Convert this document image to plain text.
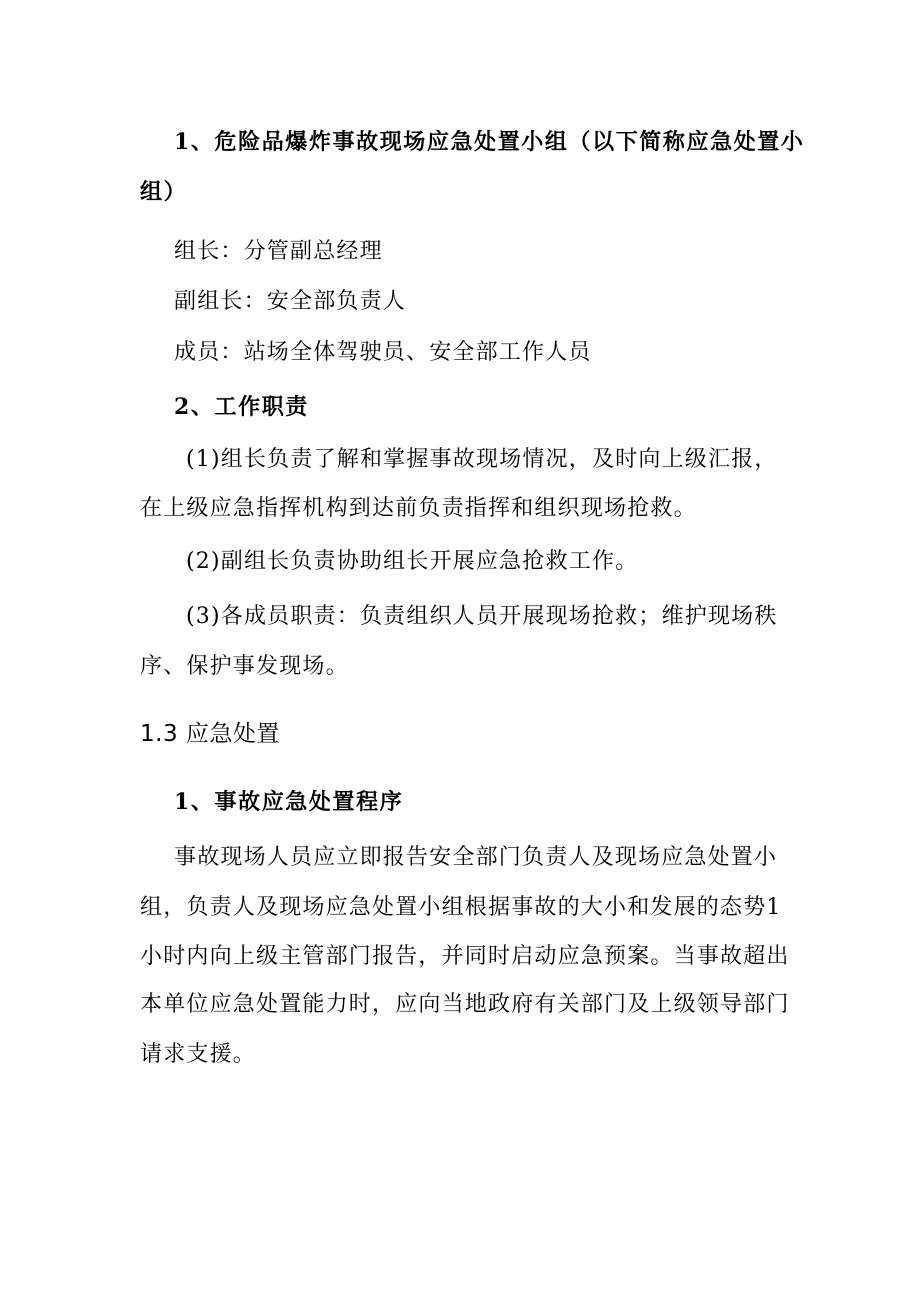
1、危险品爆炸事故现场应急处置小组（以下简称应急处置小
组）
组长：分管副总经理
副组长：安全部负责人
成员：站场全体驾驶员、安全部工作人员
2、工作职责
(1)组长负责了解和掌握事故现场情况，及时向上级汇报，
在上级应急指挥机构到达前负责指挥和组织现场抢救。
(2)副组长负责协助组长开展应急抢救工作。
(3)各成员职责：负责组织人员开展现场抢救；维护现场秩
序、保护事发现场。
1.3 应急处置
1、事故应急处置程序
事故现场人员应立即报告安全部门负责人及现场应急处置小
组，负责人及现场应急处置小组根据事故的大小和发展的态势1
小时内向上级主管部门报告，并同时启动应急预案。当事故超出
本单位应急处置能力时，应向当地政府有关部门及上级领导部门
请求支援。
